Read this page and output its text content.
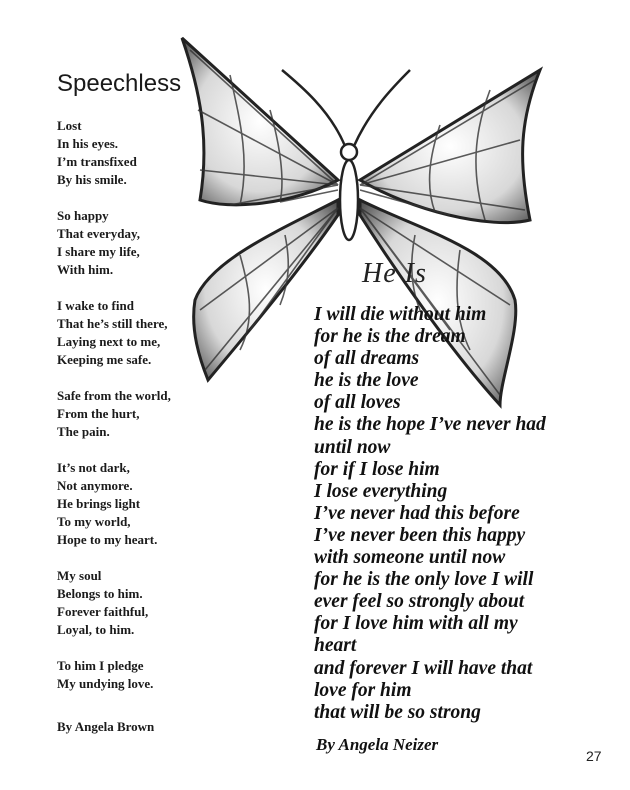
Speechless
Lost
In his eyes.
I’m transfixed
By his smile.
So happy
That everyday,
I share my life,
With him.
I wake to find
That he’s still there,
Laying next to me,
Keeping me safe.
Safe from the world,
From the hurt,
The pain.
It’s not dark,
Not anymore.
He brings light
To my world,
Hope to my heart.
My soul
Belongs to him.
Forever faithful,
Loyal, to him.
To him I pledge
My undying love.
By Angela Brown
He Is
I will die without him
for he is the dream
of all dreams
he is the love
of all loves
he is the hope I’ve never had
until now
for if I lose him
I lose everything
I’ve never had this before
I’ve never been this happy
with someone until now
for he is the only love I will
ever feel so strongly about
for I love him with all my
heart
and forever I will have that
love for him
that will be so strong
By Angela Neizer
27
